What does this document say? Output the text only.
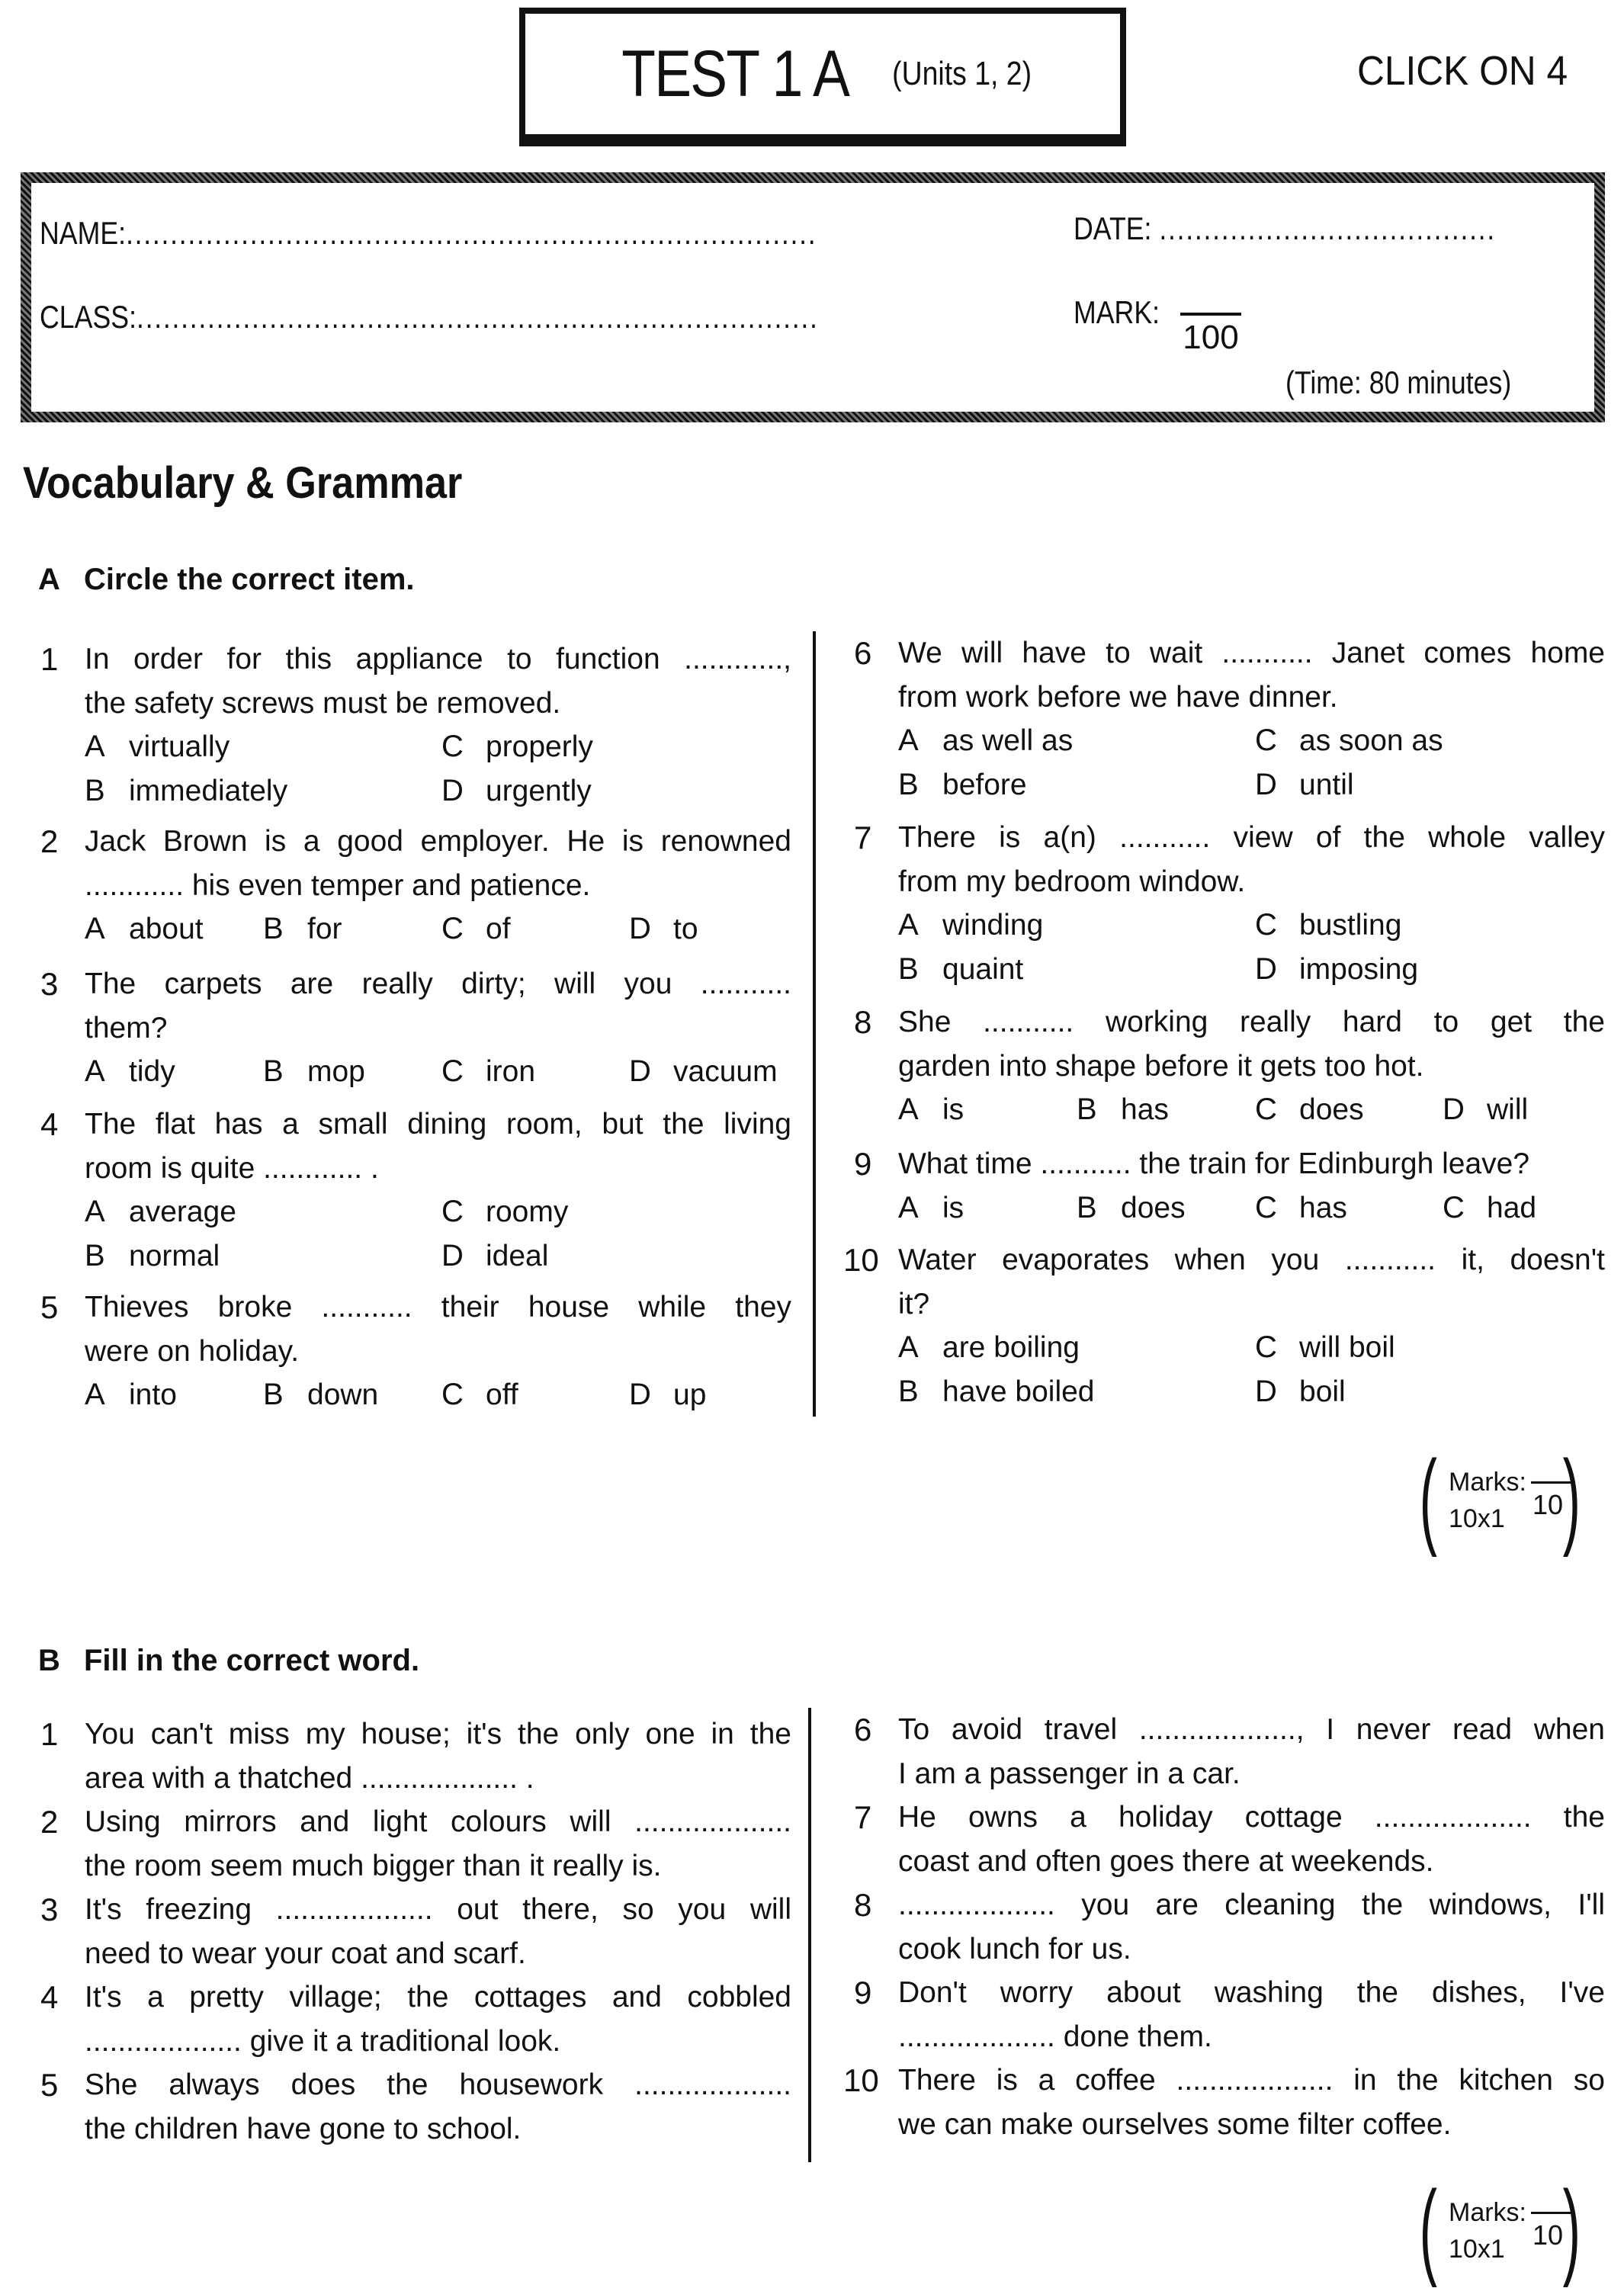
TEST 1 A (Units 1, 2)	CLICK ON 4
NAME:..............................................................................	DATE: ......................................
CLASS:.............................................................................	MARK:
100
(Time: 80 minutes)
Vocabulary & Grammar
A Circle the correct item.
1 In order for this appliance to function ............,
the safety screws must be removed.
A virtually	C properly
B immediately	D urgently
2 Jack Brown is a good employer. He is renowned
............ his even temper and patience.
A about B for	C of	D to
3 The carpets are really dirty; will you ...........
them?
A tidy	B mop	C iron	D vacuum
4 The flat has a small dining room, but the living
room is quite ............ .
A average	C roomy
B normal	D ideal
5 Thieves broke ........... their house while they
were on holiday.
A into	B down C off	D up
6 We will have to wait ........... Janet comes home
from work before we have dinner.
A as well as	C as soon as
B before	D until
7 There is a(n) ........... view of the whole valley
from my bedroom window.
A winding	C bustling
B quaint	D imposing
8 She ........... working really hard to get the
garden into shape before it gets too hot.
A is	B has	C does	D will
9 What time ........... the train for Edinburgh leave?
A is	B does C has	C had
10 Water evaporates when you ........... it, doesn't
it?
A are boiling	C will boil
B have boiled	D boil
( Marks:
10x1 10 )
B Fill in the correct word.
1 You can't miss my house; it's the only one in the
area with a thatched ................... .
2 Using mirrors and light colours will ...................
the room seem much bigger than it really is.
3 It's freezing ................... out there, so you will
need to wear your coat and scarf.
4 It's a pretty village; the cottages and cobbled
................... give it a traditional look.
5 She always does the housework ...................
the children have gone to school.
6 To avoid travel ..................., I never read when
I am a passenger in a car.
7 He owns a holiday cottage ................... the
coast and often goes there at weekends.
8 ................... you are cleaning the windows, I'll
cook lunch for us.
9 Don't worry about washing the dishes, I've
................... done them.
10 There is a coffee ................... in the kitchen so
we can make ourselves some filter coffee.
( Marks:
10x1 10 )
